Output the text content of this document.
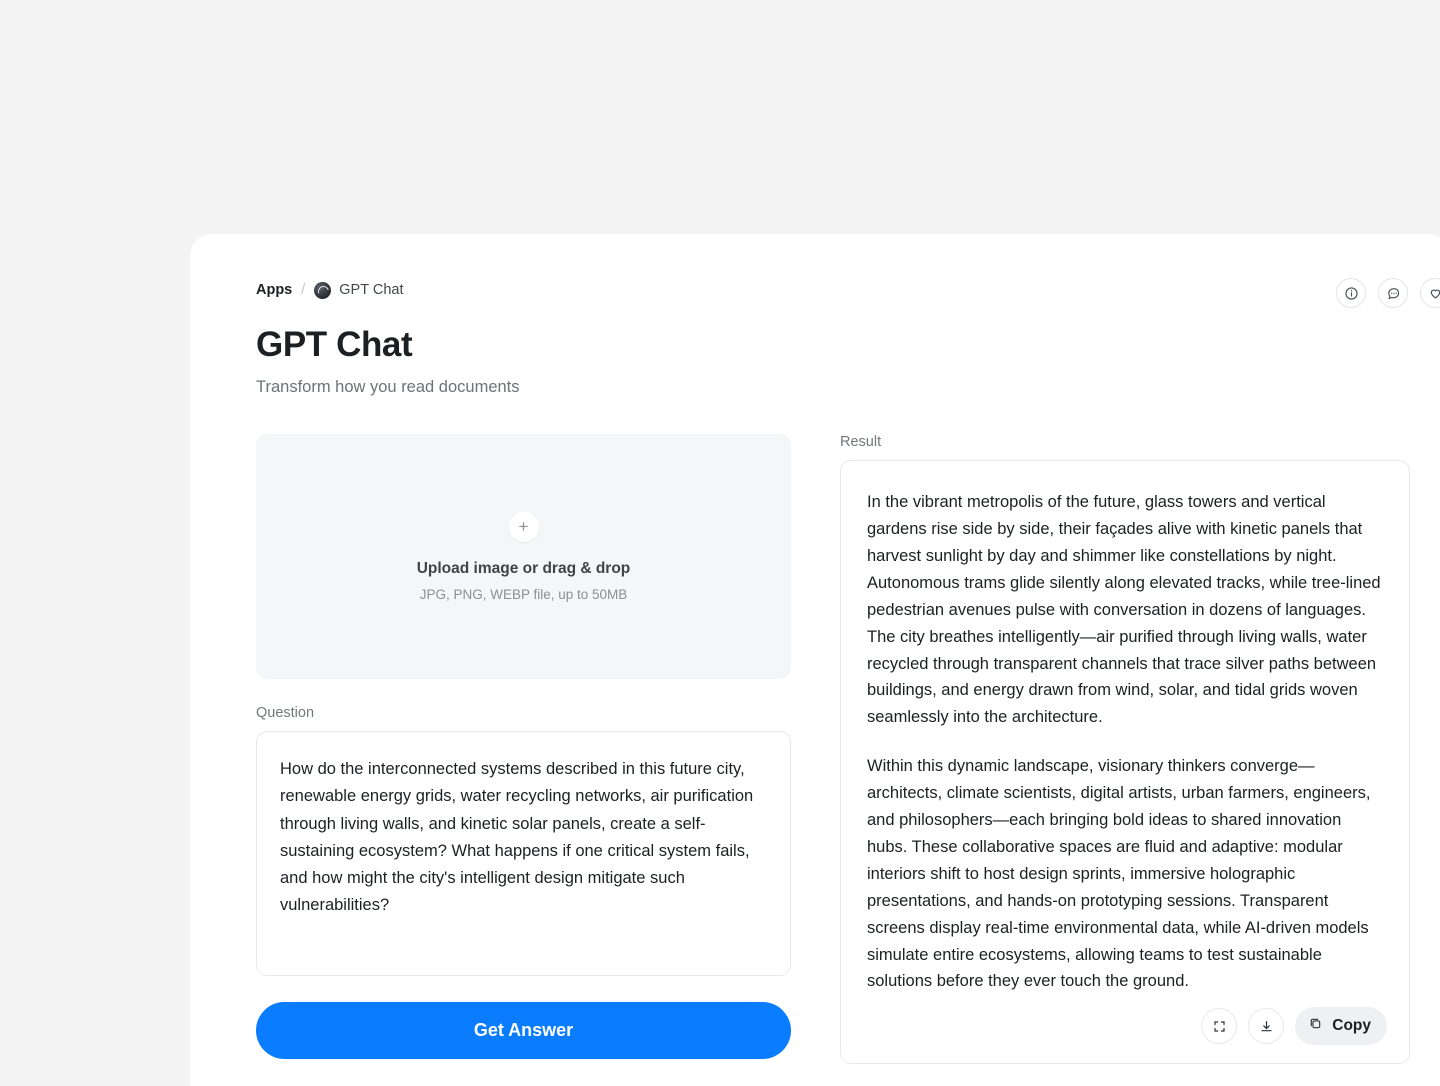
Apps / GPT Chat
GPT Chat
Transform how you read documents
+
Upload image or drag & drop
JPG, PNG, WEBP file, up to 50MB
Question
How do the interconnected systems described in this future city, renewable energy grids, water recycling networks, air purification through living walls, and kinetic solar panels, create a self-sustaining ecosystem? What happens if one critical system fails, and how might the city's intelligent design mitigate such vulnerabilities?
Get Answer
Result

In the vibrant metropolis of the future, glass towers and vertical gardens rise side by side, their façades alive with kinetic panels that harvest sunlight by day and shimmer like constellations by night. Autonomous trams glide silently along elevated tracks, while tree-lined pedestrian avenues pulse with conversation in dozens of languages. The city breathes intelligently—air purified through living walls, water recycled through transparent channels that trace silver paths between buildings, and energy drawn from wind, solar, and tidal grids woven seamlessly into the architecture.

Within this dynamic landscape, visionary thinkers converge—architects, climate scientists, digital artists, urban farmers, engineers, and philosophers—each bringing bold ideas to shared innovation hubs. These collaborative spaces are fluid and adaptive: modular interiors shift to host design sprints, immersive holographic presentations, and hands-on prototyping sessions. Transparent screens display real-time environmental data, while AI-driven models simulate entire ecosystems, allowing teams to test sustainable solutions before they ever touch the ground.

Copy
